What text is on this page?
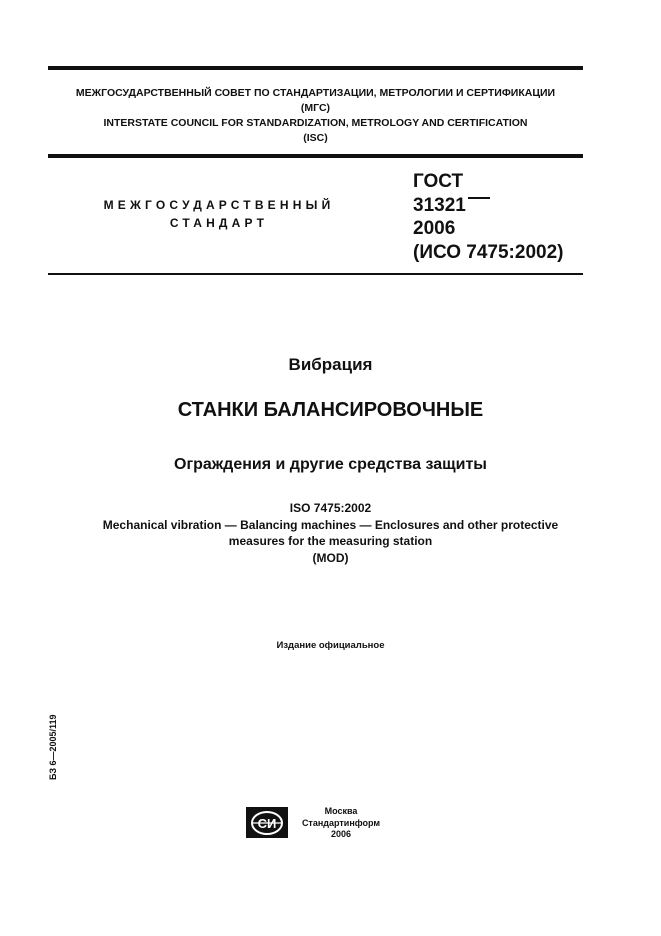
МЕЖГОСУДАРСТВЕННЫЙ СОВЕТ ПО СТАНДАРТИЗАЦИИ, МЕТРОЛОГИИ И СЕРТИФИКАЦИИ
(МГС)
INTERSTATE COUNCIL FOR STANDARDIZATION, METROLOGY AND CERTIFICATION
(ISC)
МЕЖГОСУДАРСТВЕННЫЙ
СТАНДАРТ
ГОСТ
31321
2006
(ИСО 7475:2002)
Вибрация
СТАНКИ БАЛАНСИРОВОЧНЫЕ
Ограждения и другие средства защиты
ISO 7475:2002
Mechanical vibration — Balancing machines — Enclosures and other protective
measures for the measuring station
(MOD)
Издание официальное
БЗ 6—2005/119
СИ
Москва
Стандартинформ
2006
